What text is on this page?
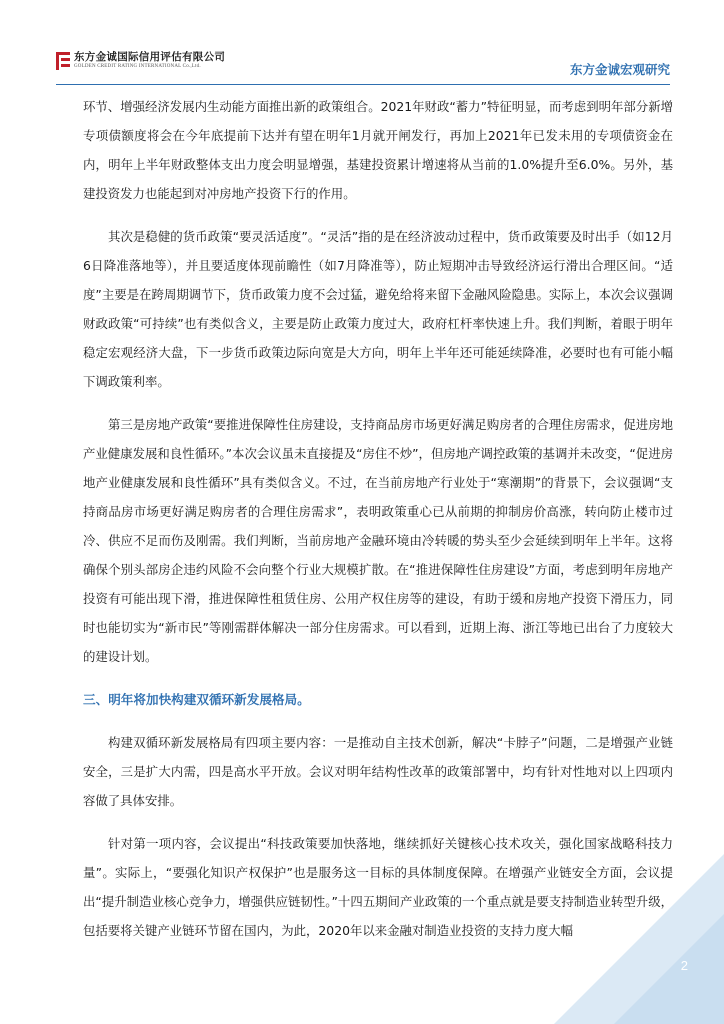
东方金诚国际信用评估有限公司
GOLDEN CREDIT RATING INTERNATIONAL Co.,Ltd.	东方金诚宏观研究

环节、增强经济发展内生动能方面推出新的政策组合。2021年财政“蓄力”特征明显，而考虑到明年部分新增专项债额度将会在今年底提前下达并有望在明年1月就开闸发行，再加上2021年已发未用的专项债资金在内，明年上半年财政整体支出力度会明显增强，基建投资累计增速将从当前的1.0%提升至6.0%。另外，基建投资发力也能起到对冲房地产投资下行的作用。

其次是稳健的货币政策“要灵活适度”。“灵活”指的是在经济波动过程中，货币政策要及时出手（如12月6日降准落地等），并且要适度体现前瞻性（如7月降准等），防止短期冲击导致经济运行滑出合理区间。“适度”主要是在跨周期调节下，货币政策力度不会过猛，避免给将来留下金融风险隐患。实际上，本次会议强调财政政策“可持续”也有类似含义，主要是防止政策力度过大，政府杠杆率快速上升。我们判断，着眼于明年稳定宏观经济大盘，下一步货币政策边际向宽是大方向，明年上半年还可能延续降准，必要时也有可能小幅下调政策利率。

第三是房地产政策“要推进保障性住房建设，支持商品房市场更好满足购房者的合理住房需求，促进房地产业健康发展和良性循环。”本次会议虽未直接提及“房住不炒”，但房地产调控政策的基调并未改变，“促进房地产业健康发展和良性循环”具有类似含义。不过，在当前房地产行业处于“寒潮期”的背景下，会议强调“支持商品房市场更好满足购房者的合理住房需求”，表明政策重心已从前期的抑制房价高涨，转向防止楼市过冷、供应不足而伤及刚需。我们判断，当前房地产金融环境由冷转暖的势头至少会延续到明年上半年。这将确保个别头部房企违约风险不会向整个行业大规模扩散。在“推进保障性住房建设”方面，考虑到明年房地产投资有可能出现下滑，推进保障性租赁住房、公用产权住房等的建设，有助于缓和房地产投资下滑压力，同时也能切实为“新市民”等刚需群体解决一部分住房需求。可以看到，近期上海、浙江等地已出台了力度较大的建设计划。

三、明年将加快构建双循环新发展格局。

构建双循环新发展格局有四项主要内容：一是推动自主技术创新，解决“卡脖子”问题，二是增强产业链安全，三是扩大内需，四是高水平开放。会议对明年结构性改革的政策部署中，均有针对性地对以上四项内容做了具体安排。

针对第一项内容，会议提出“科技政策要加快落地，继续抓好关键核心技术攻关，强化国家战略科技力量”。实际上，“要强化知识产权保护”也是服务这一目标的具体制度保障。在增强产业链安全方面，会议提出“提升制造业核心竞争力，增强供应链韧性。”十四五期间产业政策的一个重点就是要支持制造业转型升级，包括要将关键产业链环节留在国内，为此，2020年以来金融对制造业投资的支持力度大幅

2
